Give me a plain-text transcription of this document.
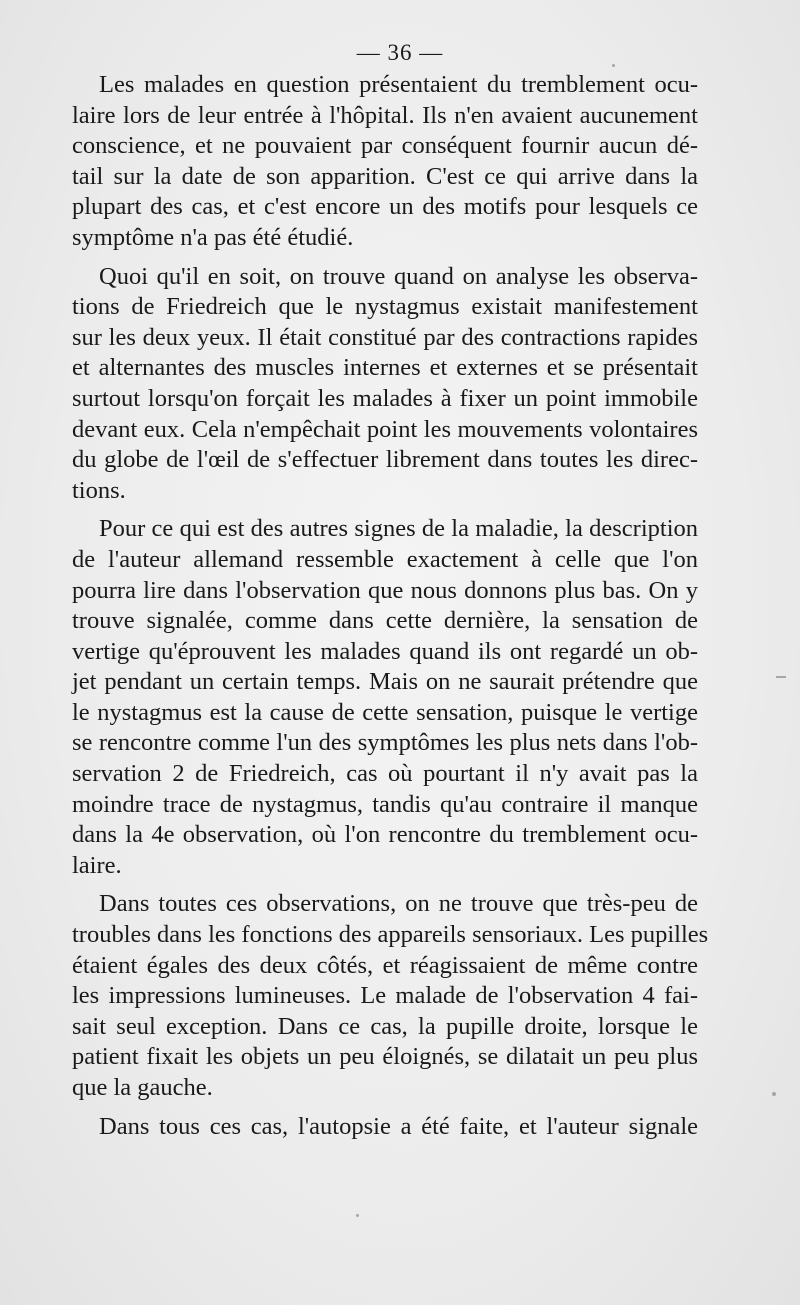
— 36 —
Les malades en question présentaient du tremblement ocu-
laire lors de leur entrée à l'hôpital. Ils n'en avaient aucunement
conscience, et ne pouvaient par conséquent fournir aucun dé-
tail sur la date de son apparition. C'est ce qui arrive dans la
plupart des cas, et c'est encore un des motifs pour lesquels ce
symptôme n'a pas été étudié.
Quoi qu'il en soit, on trouve quand on analyse les observa-
tions de Friedreich que le nystagmus existait manifestement
sur les deux yeux. Il était constitué par des contractions rapides
et alternantes des muscles internes et externes et se présentait
surtout lorsqu'on forçait les malades à fixer un point immobile
devant eux. Cela n'empêchait point les mouvements volontaires
du globe de l'œil de s'effectuer librement dans toutes les direc-
tions.
Pour ce qui est des autres signes de la maladie, la description
de l'auteur allemand ressemble exactement à celle que l'on
pourra lire dans l'observation que nous donnons plus bas. On y
trouve signalée, comme dans cette dernière, la sensation de
vertige qu'éprouvent les malades quand ils ont regardé un ob-
jet pendant un certain temps. Mais on ne saurait prétendre que
le nystagmus est la cause de cette sensation, puisque le vertige
se rencontre comme l'un des symptômes les plus nets dans l'ob-
servation 2 de Friedreich, cas où pourtant il n'y avait pas la
moindre trace de nystagmus, tandis qu'au contraire il manque
dans la 4e observation, où l'on rencontre du tremblement ocu-
laire.
Dans toutes ces observations, on ne trouve que très-peu de
troubles dans les fonctions des appareils sensoriaux. Les pupilles
étaient égales des deux côtés, et réagissaient de même contre
les impressions lumineuses. Le malade de l'observation 4 fai-
sait seul exception. Dans ce cas, la pupille droite, lorsque le
patient fixait les objets un peu éloignés, se dilatait un peu plus
que la gauche.
Dans tous ces cas, l'autopsie a été faite, et l'auteur signale
